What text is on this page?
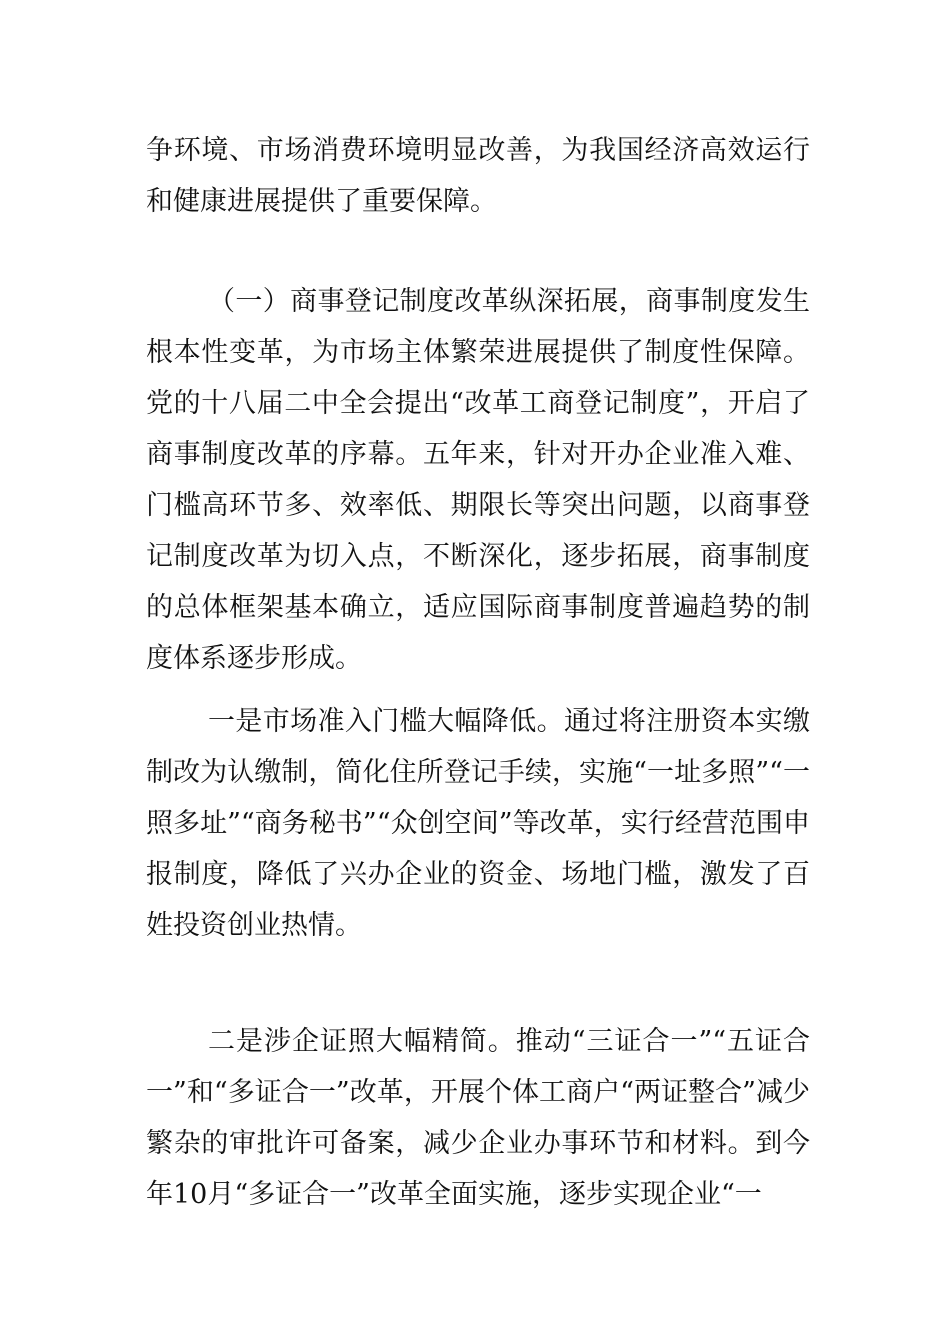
争环境、市场消费环境明显改善，为我国经济高效运行和健康进展提供了重要保障。

（一）商事登记制度改革纵深拓展，商事制度发生根本性变革，为市场主体繁荣进展提供了制度性保障。党的十八届二中全会提出“改革工商登记制度”，开启了商事制度改革的序幕。五年来，针对开办企业准入难、门槛高环节多、效率低、期限长等突出问题，以商事登记制度改革为切入点，不断深化，逐步拓展，商事制度的总体框架基本确立，适应国际商事制度普遍趋势的制度体系逐步形成。

一是市场准入门槛大幅降低。通过将注册资本实缴制改为认缴制，简化住所登记手续，实施“一址多照”“一照多址”“商务秘书”“众创空间”等改革，实行经营范围申报制度，降低了兴办企业的资金、场地门槛，激发了百姓投资创业热情。

二是涉企证照大幅精简。推动“三证合一”“五证合一”和“多证合一”改革，开展个体工商户“两证整合”减少繁杂的审批许可备案，减少企业办事环节和材料。到今年10月“多证合一”改革全面实施，逐步实现企业“一
